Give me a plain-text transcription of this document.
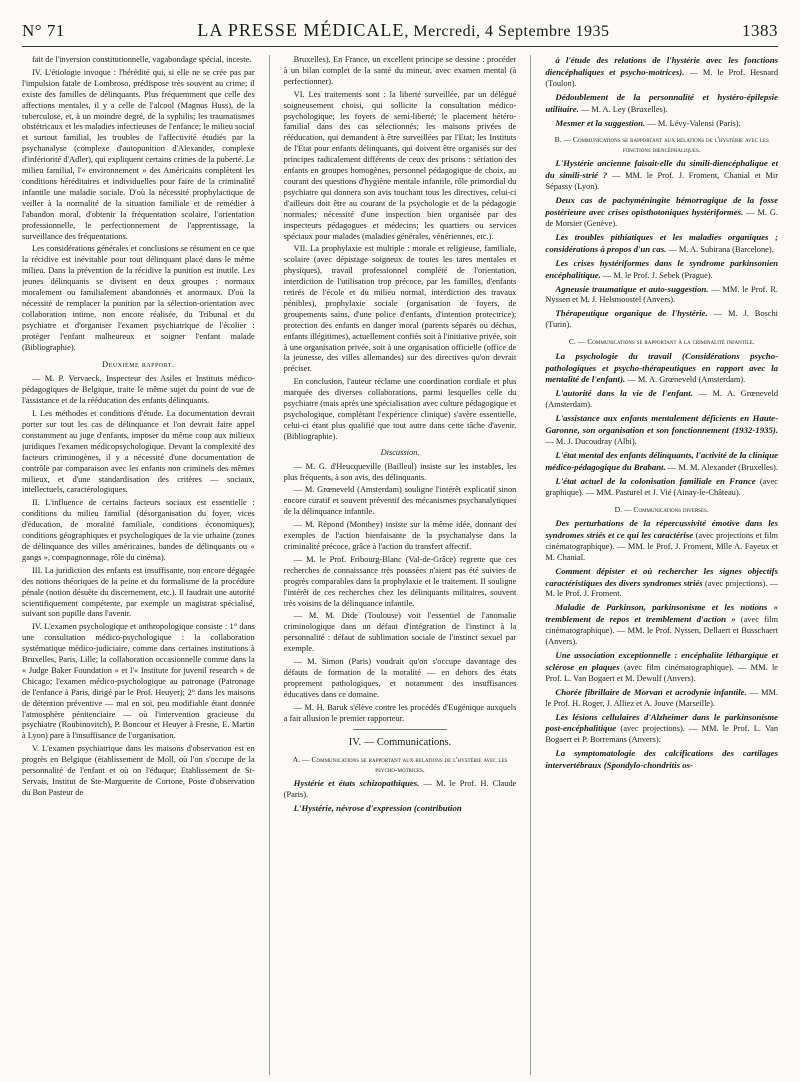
N° 71	LA PRESSE MÉDICALE, Mercredi, 4 Septembre 1935	1383

fait de l'inversion constitutionnelle, vagabondage spécial, inceste.

IV. L'étiologie invoque : l'hérédité qui, si elle ne se crée pas par l'impulsion fatale de Lombroso, prédispose très souvent au crime; il existe des familles de délinquants. Plus fréquemment que celle des affections mentales, il y a celle de l'alcool (Magnus Huss), de la tuberculose, et, à un moindre degré, de la syphilis; les traumatismes obstétricaux et les maladies infectieuses de l'enfance; le milieu social et surtout familial, les troubles de l'affectivité étudiés par la psychanalyse (complexe d'autopunition d'Alexander, complexe d'infériorité d'Adler), qui expliquent certains crimes de la puberté. Le milieu familial, l'« environnement » des Américains complètent les conditions héréditaires et individuelles pour faire de la criminalité infantile une maladie sociale. D'où la nécessité prophylactique de veiller à la normalité de la situation familiale et de remédier à l'abandon moral, d'obtenir la fréquentation scolaire, l'orientation professionnelle, le perfectionnement de l'apprentissage, la surveillance des fréquentations.

Les considérations générales et conclusions se résument en ce que la récidive est inévitable pour tout délinquant placé dans le même milieu. Dans la prévention de la récidive la punition est inutile. Les jeunes délinquants se divisent en deux groupes : normaux moralement ou familialement abandonnés et anormaux. D'où la nécessité de remplacer la punition par la sélection-orientation avec collaboration intime, non encore réalisée, du Tribunal et du psychiatre et d'organiser l'examen psychiatrique de l'écolier : protéger l'enfant malheureux et soigner l'enfant malade (Bibliographie).

Deuxième rapport.

— M. P. Vervaeck, Inspecteur des Asiles et Instituts médico-pédagogiques de Belgique, traite le même sujet du point de vue de l'assistance et de la rééducation des enfants délinquants.

I. Les méthodes et conditions d'étude. La documentation devrait porter sur tout les cas de délinquance et l'on devrait faire appel constamment au juge d'enfants, imposer du même coup aux milieux juridiques l'examen médicopsychologique. Devant la complexité des facteurs criminogènes, il y a nécessité d'une documentation de contrôle par comparaison avec les enfants non criminels des mêmes milieux, et d'une standardisation des critères — sociaux, intellectuels, caractérologiques.

II. L'influence de certains facteurs sociaux est essentielle : conditions du milieu familial (désorganisation du foyer, vices d'éducation, de moralité familiale, conditions économiques); conditions géographiques et psychologiques de la vie urbaine (zones de délinquance des villes américaines, bandes de délinquants ou « gangs », compagnonnage, rôle du cinéma).

III. La juridiction des enfants est insuffisante, non encore dégagée des notions théoriques de la peine et du formalisme de la procédure pénale (notion désuète du discernement, etc.). Il faudrait une autorité scientifiquement compétente, par exemple un magistrat spécialisé, suivant son pupille dans l'avenir.

IV. L'examen psychologique et anthropologique consiste : 1° dans une consultation médico-psychologique : la collaboration systématique médico-judiciaire, comme dans certaines institutions à Bruxelles, Paris, Lille; la collaboration occasionnelle comme dans la « Judge Baker Foundation » et l'« Institute for juvenil research » de Chicago; l'examen médico-psychologique au patronage (Patronage de l'enfance à Paris, dirigé par le Prof. Heuyer); 2° dans les maisons de détention préventive — mal en soi, peu modifiable étant donnée l'atmosphère pénitenciaire — où l'intervention gracieuse du psychiatre (Roubinovitch), P. Boncour et Heuyer à Fresne, E. Martin à Lyon) pare à l'insuffisance de l'organisation.

V. L'examen psychiatrique dans les maisons d'observation est en progrès en Belgique (établissement de Moll, où l'on s'occupe de la personnalité de l'enfant et où on l'éduque; Etablissement de St-Servais, Institut de Ste-Marguerite de Cortone, Poste d'observation du Bon Pasteur de

Bruxelles). En France, un excellent principe se dessine : procéder à un bilan complet de la santé du mineur, avec examen mental (à perfectionner).

VI. Les traitements sont : la liberté surveillée, par un délégué soigneusement choisi, qui sollicite la consultation médico-psychologique; les foyers de semi-liberté; le placement hétéro-familial dans des cas sélectionnés; les maisons privées de rééducation, qui demandent à être surveillées par l'Etat; les Instituts de l'Etat pour enfants délinquants, qui doivent être organisés sur des principes radicalement différents de ceux des prisons : sériation des enfants en groupes homogènes, personnel pédagogique de choix, au courant des questions d'hygiène mentale infantile, rôle primordial du psychiatre qui donnera son avis touchant tous les directives, celui-ci d'ailleurs doit être au courant de la psychologie et de la pédagogie normales; nécessité d'une inspection bien organisée par des inspecteurs pédagogues et médecins; les quartiers ou services spéciaux pour malades (maladies générales, vénériennes, etc.).

VII. La prophylaxie est multiple : morale et religieuse, familiale, scolaire (avec dépistage soigneux de toutes les tares mentales et physiques), travail professionnel complété de l'orientation, interdiction de l'utilisation trop précoce, par les familles, d'enfants retirés de l'école et du milieu normal, interdiction des travaux pénibles), prophylaxie sociale (organisation de foyers, de groupements sains, d'une police d'enfants, d'intention protectrice); protection des enfants en danger moral (parents séparés ou déchus, enfants illégitimes), actuellement confiés soit à l'initiative privée, soit à une organisation privée, soit à une organisation officielle (office de la jeunesse, des villes allemandes) sur des directives qu'on devrait préciser.

En conclusion, l'auteur réclame une coordination cordiale et plus marquée des diverses collaborations, parmi lesquelles celle du psychiatre (mais après une spécialisation avec culture pédagogique et psychologique, complétant l'expérience clinique) s'avère essentielle, celui-ci étant plus qualifié que tout autre dans cette tâche d'avenir. (Bibliographie).

Discussion.

— M. G. d'Heucqueville (Bailleul) insiste sur les instables, les plus fréquents, à son avis, des délinquants.

— M. Grœneveld (Amsterdam) souligne l'intérêt explicatif sinon encore curatif et souvent préventif des mécanismes psychanalytiques de la délinquance infantile.

— M. Répond (Monthey) insiste sur la même idée, donnant des exemples de l'action bienfaisante de la psychanalyse dans la criminalité précoce, grâce à l'action du transfert affectif.

— M. le Prof. Fribourg-Blanc (Val-de-Grâce) regrette que ces recherches de connaissance très poussées n'aient pas été suivies de progrès comparables dans la prophylaxie et le traitement. Il souligne l'intérêt de ces recherches chez les délinquants militaires, souvent très voisins de la délinquance infantile.

— M. M. Dide (Toulouse) voit l'essentiel de l'anomalie criminologique dans un défaut d'intégration de l'instinct à la personnalité : défaut de sublimation sociale de l'instinct sexuel par exemple.

— M. Simon (Paris) voudrait qu'on s'occupe davantage des défauts de formation de la moralité — en dehors des états proprement pathologiques, et notamment des insuffisances éducatives dans ce domaine.

— M. H. Baruk s'élève contre les procédés d'Eugénique auxquels a fait allusion le premier rapporteur.

IV. — Communications.

A. — Communications se rapportant aux relations de l'hystérie avec les psycho-motrices.

Hystérie et états schizopathiques. — M. le Prof. H. Claude (Paris).

L'Hystérie, névrose d'expression (contribution

à l'étude des relations de l'hystérie avec les fonctions diencéphaliques et psycho-motrices). — M. le Prof. Hesnard (Toulon).

Dédoublement de la personnalité et hystéro-épilepsie utilitaire. — M. A. Ley (Bruxelles).

Mesmer et la suggestion. — M. Lévy-Valensi (Paris).

B. — Communications se rapportant aux relations de l'hystérie avec les fonctions diencéphaliques.

L'Hystérie ancienne faisait-elle du simili-diencéphalique et du simili-strié ? — MM. le Prof. J. Froment, Chanial et Mir Sépassy (Lyon).

Deux cas de pachyméningite hémorragique de la fosse postérieure avec crises opisthotoniques hystériformes. — M. G. de Morsier (Genève).

Les troubles pithiatiques et les maladies organiques ; considérations à propos d'un cas. — M. A. Subirana (Barcelone).

Les crises hystériformes dans le syndrome parkinsonien encéphalitique. — M. le Prof. J. Sebek (Prague).

Agneusie traumatique et auto-suggestion. — MM. le Prof. R. Nyssen et M. J. Helsmoostel (Anvers).

Thérapeutique organique de l'hystérie. — M. J. Boschi (Turin).

C. — Communications se rapportant à la criminalité infantile.

La psychologie du travail (Considérations psycho-pathologiques et psycho-thérapeutiques en rapport avec la mentalité de l'enfant). — M. A. Grœneveld (Amsterdam).

L'autorité dans la vie de l'enfant. — M. A. Grœneveld (Amsterdam).

L'assistance aux enfants mentalement déficients en Haute-Garonne, son organisation et son fonctionnement (1932-1935). — M. J. Ducoudray (Albi).

L'état mental des enfants délinquants, l'activité de la clinique médico-pédagogique du Brabant. — M. M. Alexander (Bruxelles).

L'état actuel de la colonisation familiale en France (avec graphique). — MM. Pasturel et J. Vié (Ainay-le-Château).

D. — Communications diverses.

Des perturbations de la répercussivité émotive dans les syndromes striés et ce qui les caractérise (avec projections et film cinématographique). — MM. le Prof. J. Froment, Mlle A. Fayeux et M. Chanial.

Comment dépister et où rechercher les signes objectifs caractéristiques des divers syndromes striés (avec projections). — M. le Prof. J. Froment.

Maladie de Parkinson, parkinsonisme et les notions « tremblement de repos et tremblement d'action » (avec film cinématographique). — MM. le Prof. Nyssen, Dellaert et Busschaert (Anvers).

Une association exceptionnelle : encéphalite léthargique et sclérose en plaques (avec film cinématographique). — MM. le Prof. L. Van Bogaert et M. Dewulf (Anvers).

Chorée fibrillaire de Morvan et acrodynie infantile. — MM. le Prof. H. Roger, J. Alliez et A. Jouve (Marseille).

Les lésions cellulaires d'Alzheimer dans le parkinsonisme post-encéphalitique (avec projections). — MM. le Prof. L. Van Bogaert et P. Borremans (Anvers).

La symptomatologie des calcifications des cartilages intervertébraux (Spondylo-chondritis os-
